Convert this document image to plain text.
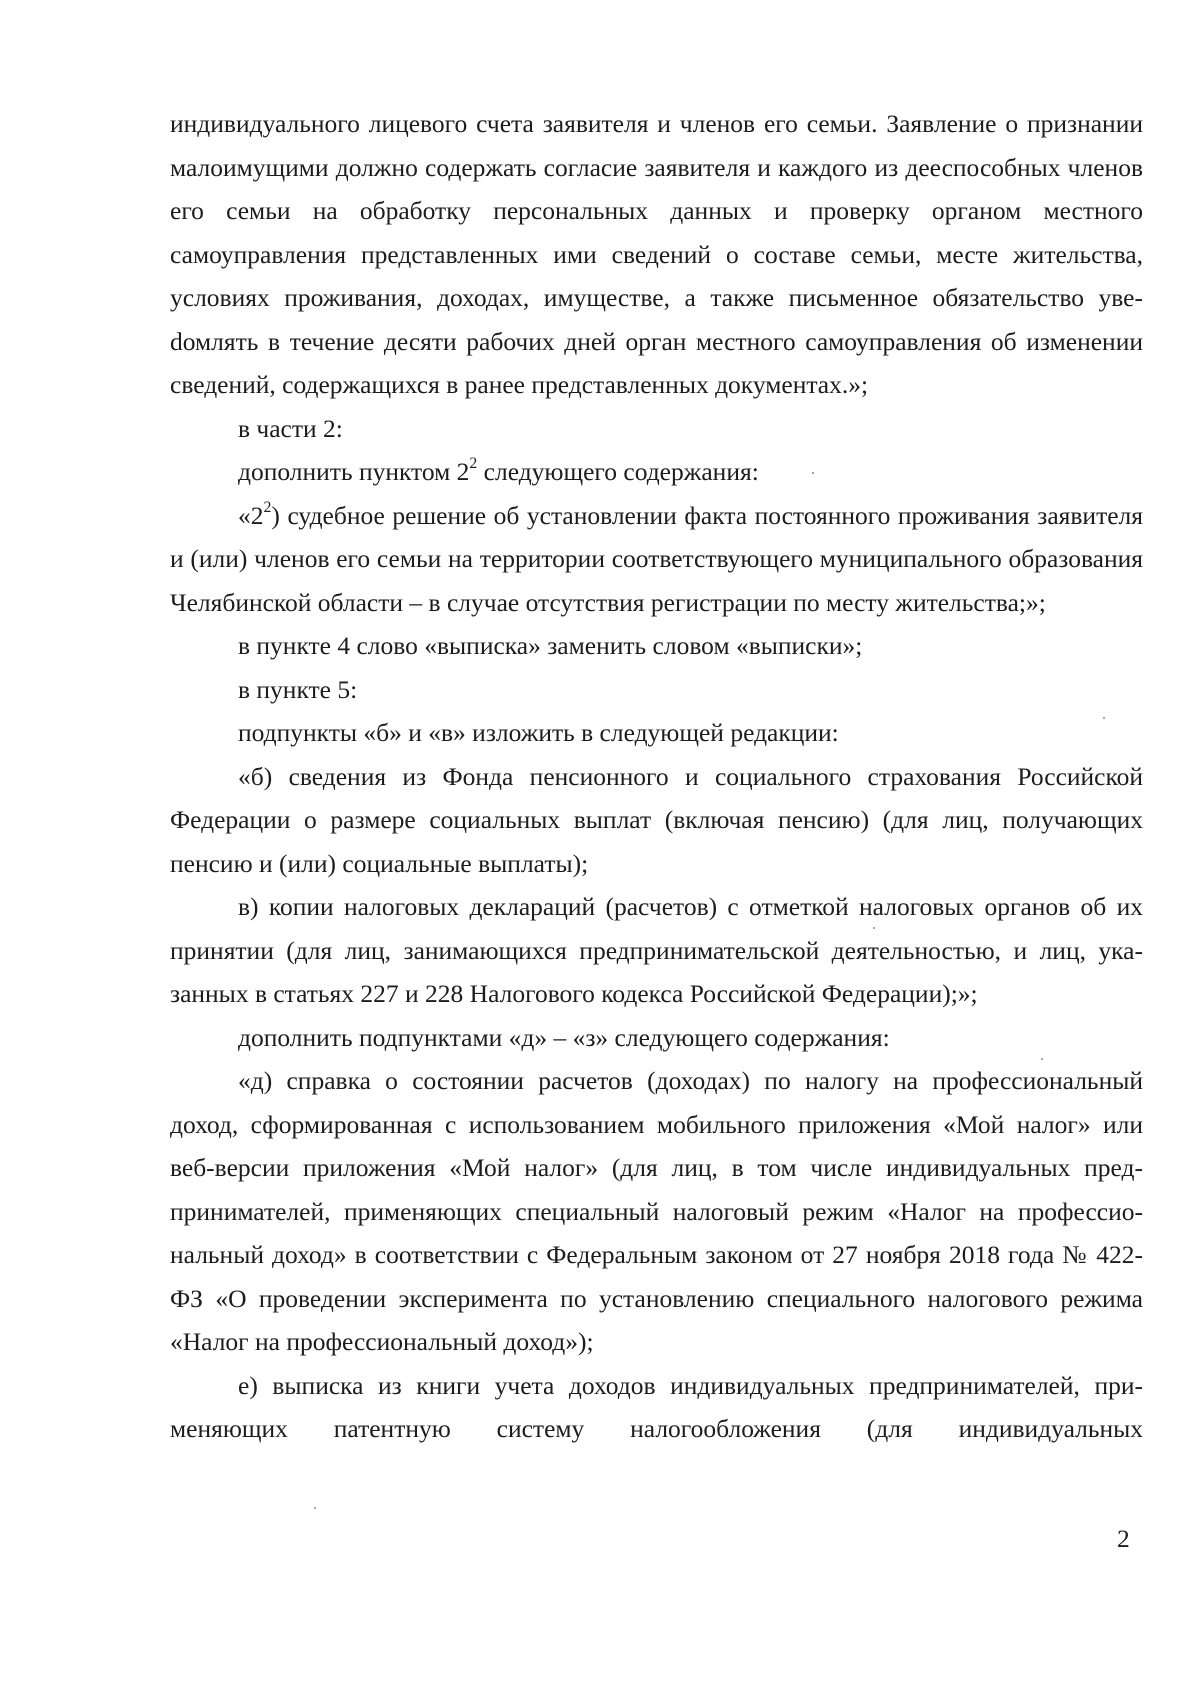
индивидуального лицевого счета заявителя и членов его семьи. Заявление о признании малоимущими должно содержать согласие заявителя и каждого из дееспособных членов его семьи на обработку персональных данных и проверку органом местного самоуправления представленных ими сведений о составе семьи, месте жительства, условиях проживания, доходах, имуществе, а также письменное обязательство увеdомлять в течение десяти рабочих дней орган местного самоуправления об изменении сведений, содержащихся в ранее представленных документах.»;

в части 2:

дополнить пунктом $2^2$ следующего содержания:

«$2^2$) судебное решение об установлении факта постоянного проживания заявителя и (или) членов его семьи на территории соответствующего муниципального образования Челябинской области – в случае отсутствия регистрации по месту жительства;»;

в пункте 4 слово «выписка» заменить словом «выписки»;

в пункте 5:

подпункты «б» и «в» изложить в следующей редакции:

«б) сведения из Фонда пенсионного и социального страхования Российской Федерации о размере социальных выплат (включая пенсию) (для лиц, получающих пенсию и (или) социальные выплаты);

в) копии налоговых деклараций (расчетов) с отметкой налоговых органов об их принятии (для лиц, занимающихся предпринимательской деятельностью, и лиц, указанных в статьях 227 и 228 Налогового кодекса Российской Федерации);»;

дополнить подпунктами «д» – «з» следующего содержания:

«д) справка о состоянии расчетов (доходах) по налогу на профессиональный доход, сформированная с использованием мобильного приложения «Мой налог» или веб-версии приложения «Мой налог» (для лиц, в том числе индивидуальных предпринимателей, применяющих специальный налоговый режим «Налог на профессиональный доход» в соответствии с Федеральным законом от 27 ноября 2018 года № 422-ФЗ «О проведении эксперимента по установлению специального налогового режима «Налог на профессиональный доход»);

е) выписка из книги учета доходов индивидуальных предпринимателей, применяющих патентную систему налогообложения (для индивидуальных

2
